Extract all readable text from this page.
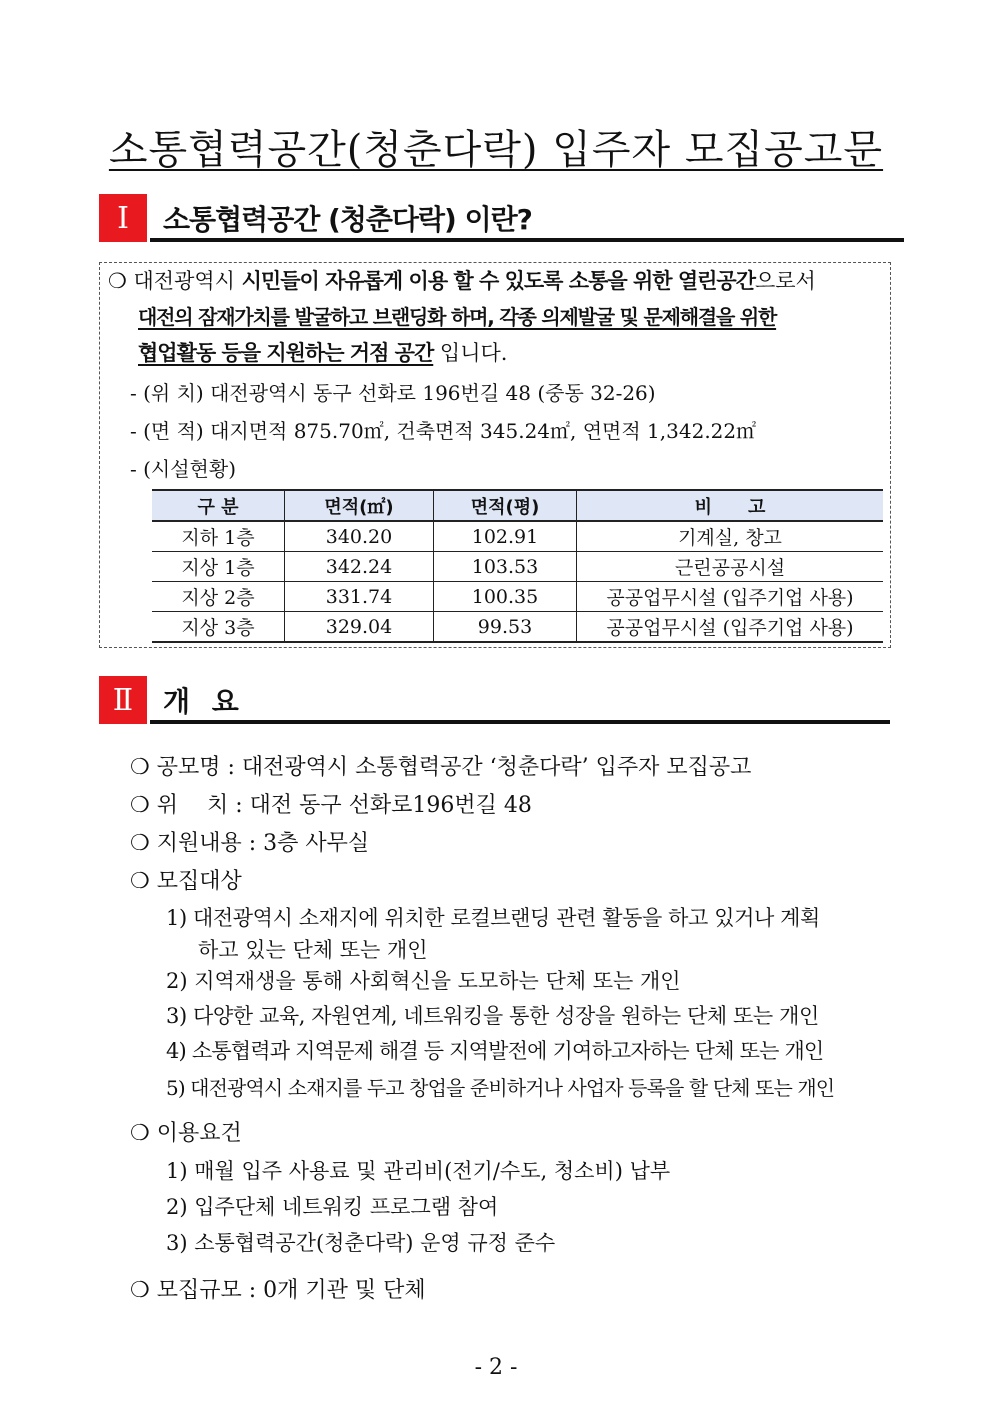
소통협력공간(청춘다락) 입주자 모집공고문
Ⅰ	소통협력공간 (청춘다락) 이란?
❍ 대전광역시 시민들이 자유롭게 이용 할 수 있도록 소통을 위한 열린공간으로서
대전의 잠재가치를 발굴하고 브랜딩화 하며, 각종 의제발굴 및 문제해결을 위한
협업활동 등을 지원하는 거점 공간 입니다.
- (위 치) 대전광역시 동구 선화로 196번길 48 (중동 32-26)
- (면 적) 대지면적 875.70㎡, 건축면적 345.24㎡, 연면적 1,342.22㎡
- (시설현황)
구 분	면적(㎡)	면적(평)	비　　고
지하 1층	340.20	102.91	기계실, 창고
지상 1층	342.24	103.53	근린공공시설
지상 2층	331.74	100.35	공공업무시설 (입주기업 사용)
지상 3층	329.04	99.53	공공업무시설 (입주기업 사용)
Ⅱ	개 요
❍ 공모명 : 대전광역시 소통협력공간 ‘청춘다락’ 입주자 모집공고
❍ 위　 치 : 대전 동구 선화로196번길 48
❍ 지원내용 : 3층 사무실
❍ 모집대상
1) 대전광역시 소재지에 위치한 로컬브랜딩 관련 활동을 하고 있거나 계획
하고 있는 단체 또는 개인
2) 지역재생을 통해 사회혁신을 도모하는 단체 또는 개인
3) 다양한 교육, 자원연계, 네트워킹을 통한 성장을 원하는 단체 또는 개인
4) 소통협력과 지역문제 해결 등 지역발전에 기여하고자하는 단체 또는 개인
5) 대전광역시 소재지를 두고 창업을 준비하거나 사업자 등록을 할 단체 또는 개인
❍ 이용요건
1) 매월 입주 사용료 및 관리비(전기/수도, 청소비) 납부
2) 입주단체 네트워킹 프로그램 참여
3) 소통협력공간(청춘다락) 운영 규정 준수
❍ 모집규모 : 0개 기관 및 단체
- 2 -
